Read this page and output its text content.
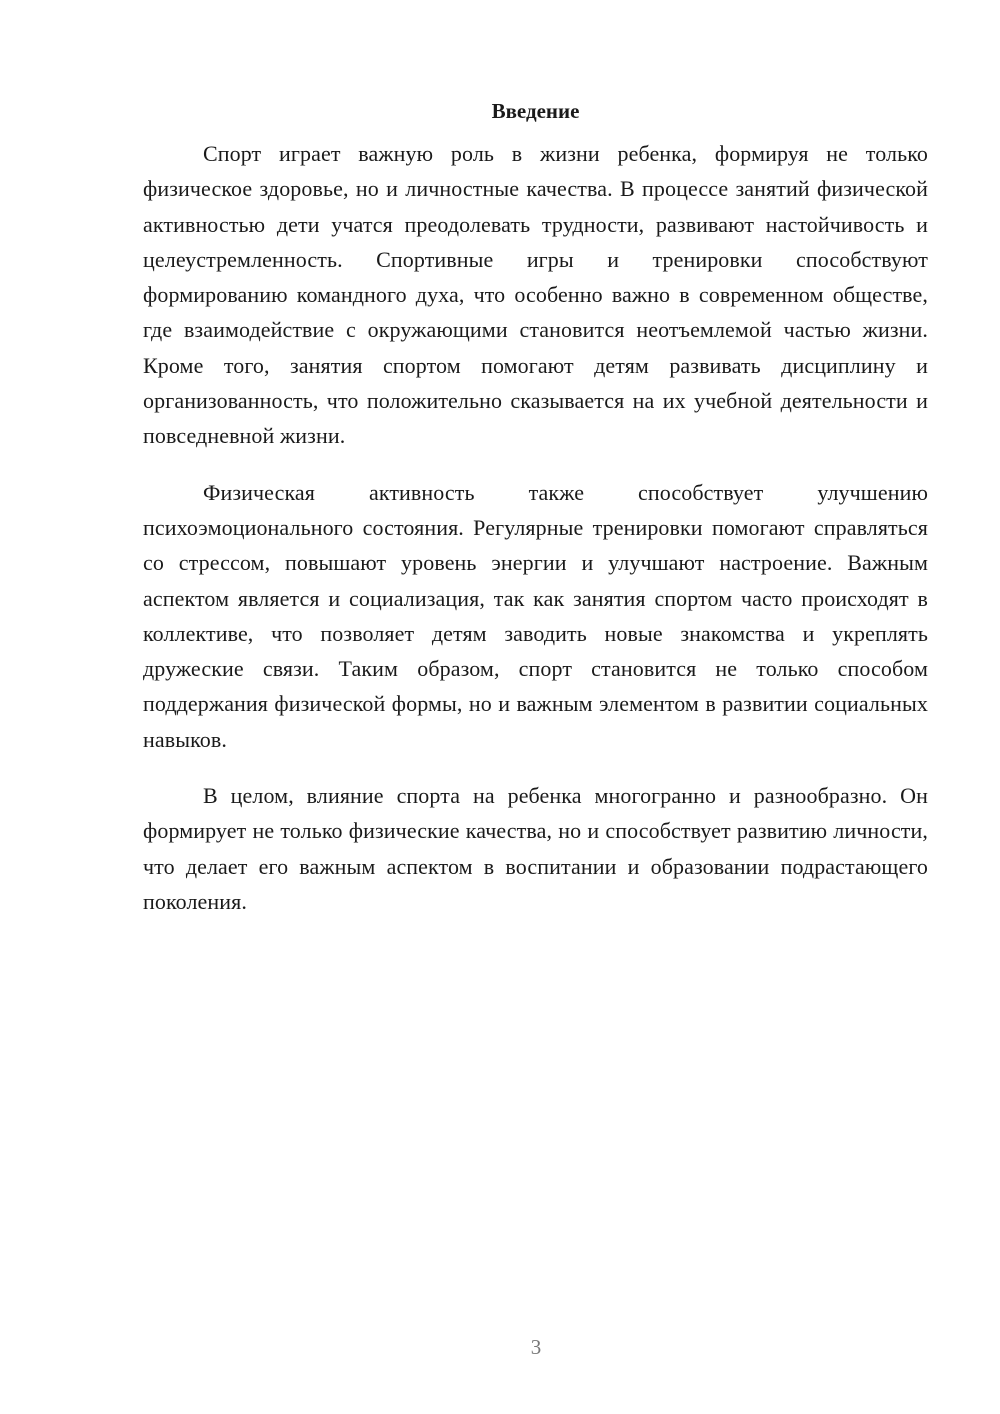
Введение

Спорт играет важную роль в жизни ребенка, формируя не только физическое здоровье, но и личностные качества. В процессе занятий физической активностью дети учатся преодолевать трудности, развивают настойчивость и целеустремленность. Спортивные игры и тренировки способствуют формированию командного духа, что особенно важно в современном обществе, где взаимодействие с окружающими становится неотъемлемой частью жизни. Кроме того, занятия спортом помогают детям развивать дисциплину и организованность, что положительно сказывается на их учебной деятельности и повседневной жизни.

Физическая активность также способствует улучшению психоэмоционального состояния. Регулярные тренировки помогают справляться со стрессом, повышают уровень энергии и улучшают настроение. Важным аспектом является и социализация, так как занятия спортом часто происходят в коллективе, что позволяет детям заводить новые знакомства и укреплять дружеские связи. Таким образом, спорт становится не только способом поддержания физической формы, но и важным элементом в развитии социальных навыков.

В целом, влияние спорта на ребенка многогранно и разнообразно. Он формирует не только физические качества, но и способствует развитию личности, что делает его важным аспектом в воспитании и образовании подрастающего поколения.

3
